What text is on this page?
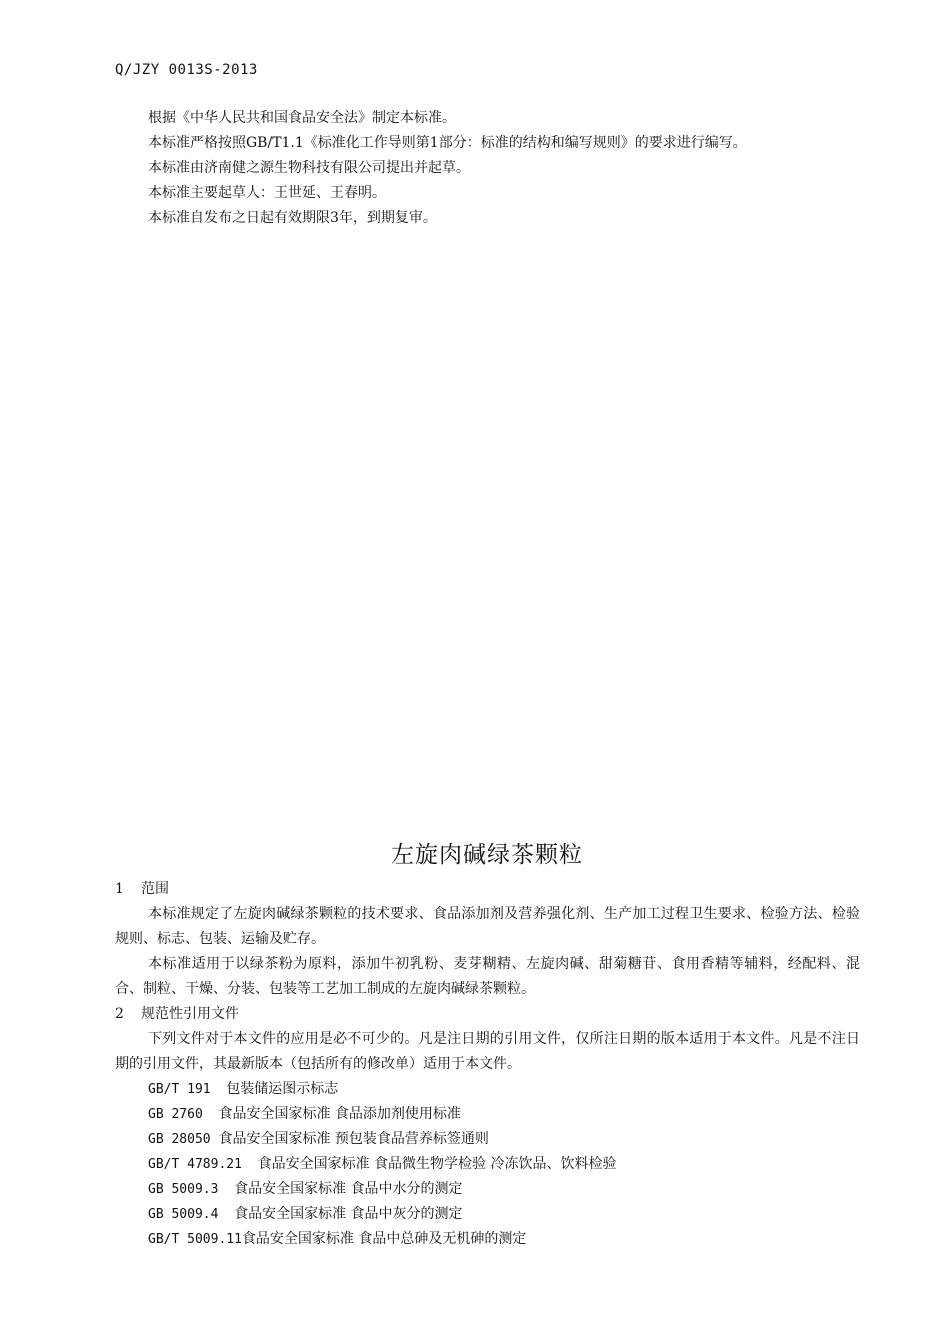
Q/JZY 0013S-2013

根据《中华人民共和国食品安全法》制定本标准。

本标准严格按照GB/T1.1《标准化工作导则第1部分：标准的结构和编写规则》的要求进行编写。

本标准由济南健之源生物科技有限公司提出并起草。

本标准主要起草人：王世延、王春明。

本标准自发布之日起有效期限3年，到期复审。

左旋肉碱绿茶颗粒

1 范围

本标准规定了左旋肉碱绿茶颗粒的技术要求、食品添加剂及营养强化剂、生产加工过程卫生要求、检验方法、检验规则、标志、包装、运输及贮存。

本标准适用于以绿茶粉为原料，添加牛初乳粉、麦芽糊精、左旋肉碱、甜菊糖苷、食用香精等辅料，经配料、混合、制粒、干燥、分装、包装等工艺加工制成的左旋肉碱绿茶颗粒。

2 规范性引用文件

下列文件对于本文件的应用是必不可少的。凡是注日期的引用文件，仅所注日期的版本适用于本文件。凡是不注日期的引用文件，其最新版本（包括所有的修改单）适用于本文件。

GB/T 191  包装储运图示标志

GB 2760  食品安全国家标准 食品添加剂使用标准

GB 28050 食品安全国家标准 预包装食品营养标签通则

GB/T 4789.21  食品安全国家标准 食品微生物学检验 冷冻饮品、饮料检验

GB 5009.3  食品安全国家标准 食品中水分的测定

GB 5009.4  食品安全国家标准 食品中灰分的测定

GB/T 5009.11食品安全国家标准 食品中总砷及无机砷的测定
